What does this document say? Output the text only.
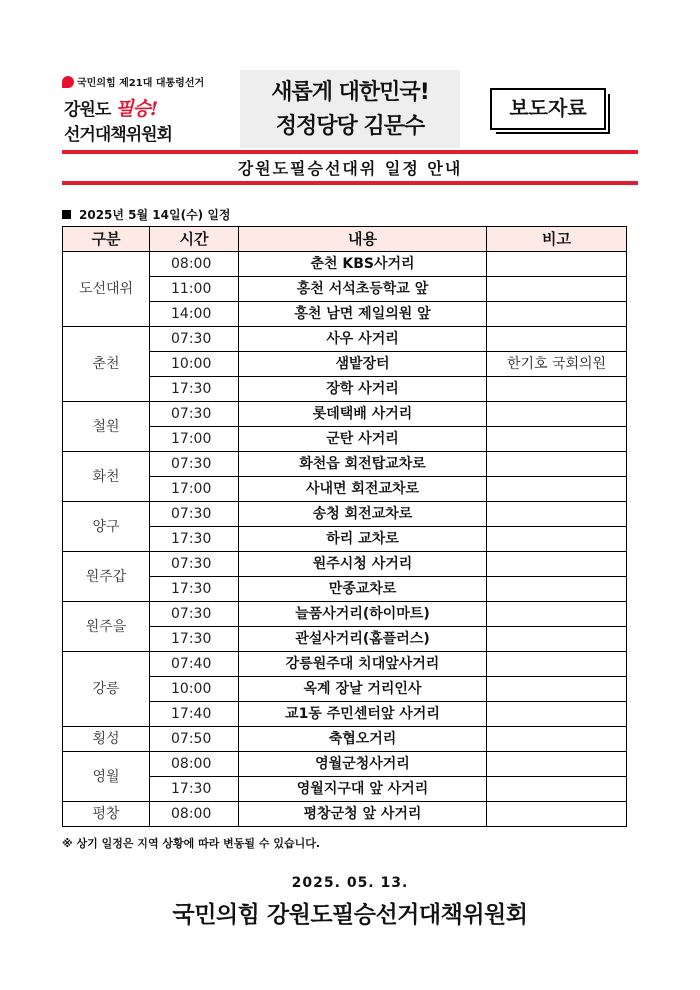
국민의힘 제21대 대통령선거
강원도 필승!
선거대책위원회
새롭게 대한민국!
정정당당 김문수
보도자료
강원도필승선대위 일정 안내
2025년 5월 14일(수) 일정
구분	시간	내용	비고
도선대위	08:00	춘천 KBS사거리	
	11:00	홍천 서석초등학교 앞	
	14:00	홍천 남면 제일의원 앞	
춘천	07:30	사우 사거리	
	10:00	샘밭장터	한기호 국회의원
	17:30	장학 사거리	
철원	07:30	롯데택배 사거리	
	17:00	군탄 사거리	
화천	07:30	화천읍 회전탑교차로	
	17:00	사내면 회전교차로	
양구	07:30	송청 회전교차로	
	17:30	하리 교차로	
원주갑	07:30	원주시청 사거리	
	17:30	만종교차로	
원주을	07:30	늘품사거리(하이마트)	
	17:30	관설사거리(홈플러스)	
강릉	07:40	강릉원주대 치대앞사거리	
	10:00	옥계 장날 거리인사	
	17:40	교1동 주민센터앞 사거리	
횡성	07:50	축협오거리	
영월	08:00	영월군청사거리	
	17:30	영월지구대 앞 사거리	
평창	08:00	평창군청 앞 사거리	
※ 상기 일정은 지역 상황에 따라 변동될 수 있습니다.
2025. 05. 13.
국민의힘 강원도필승선거대책위원회
